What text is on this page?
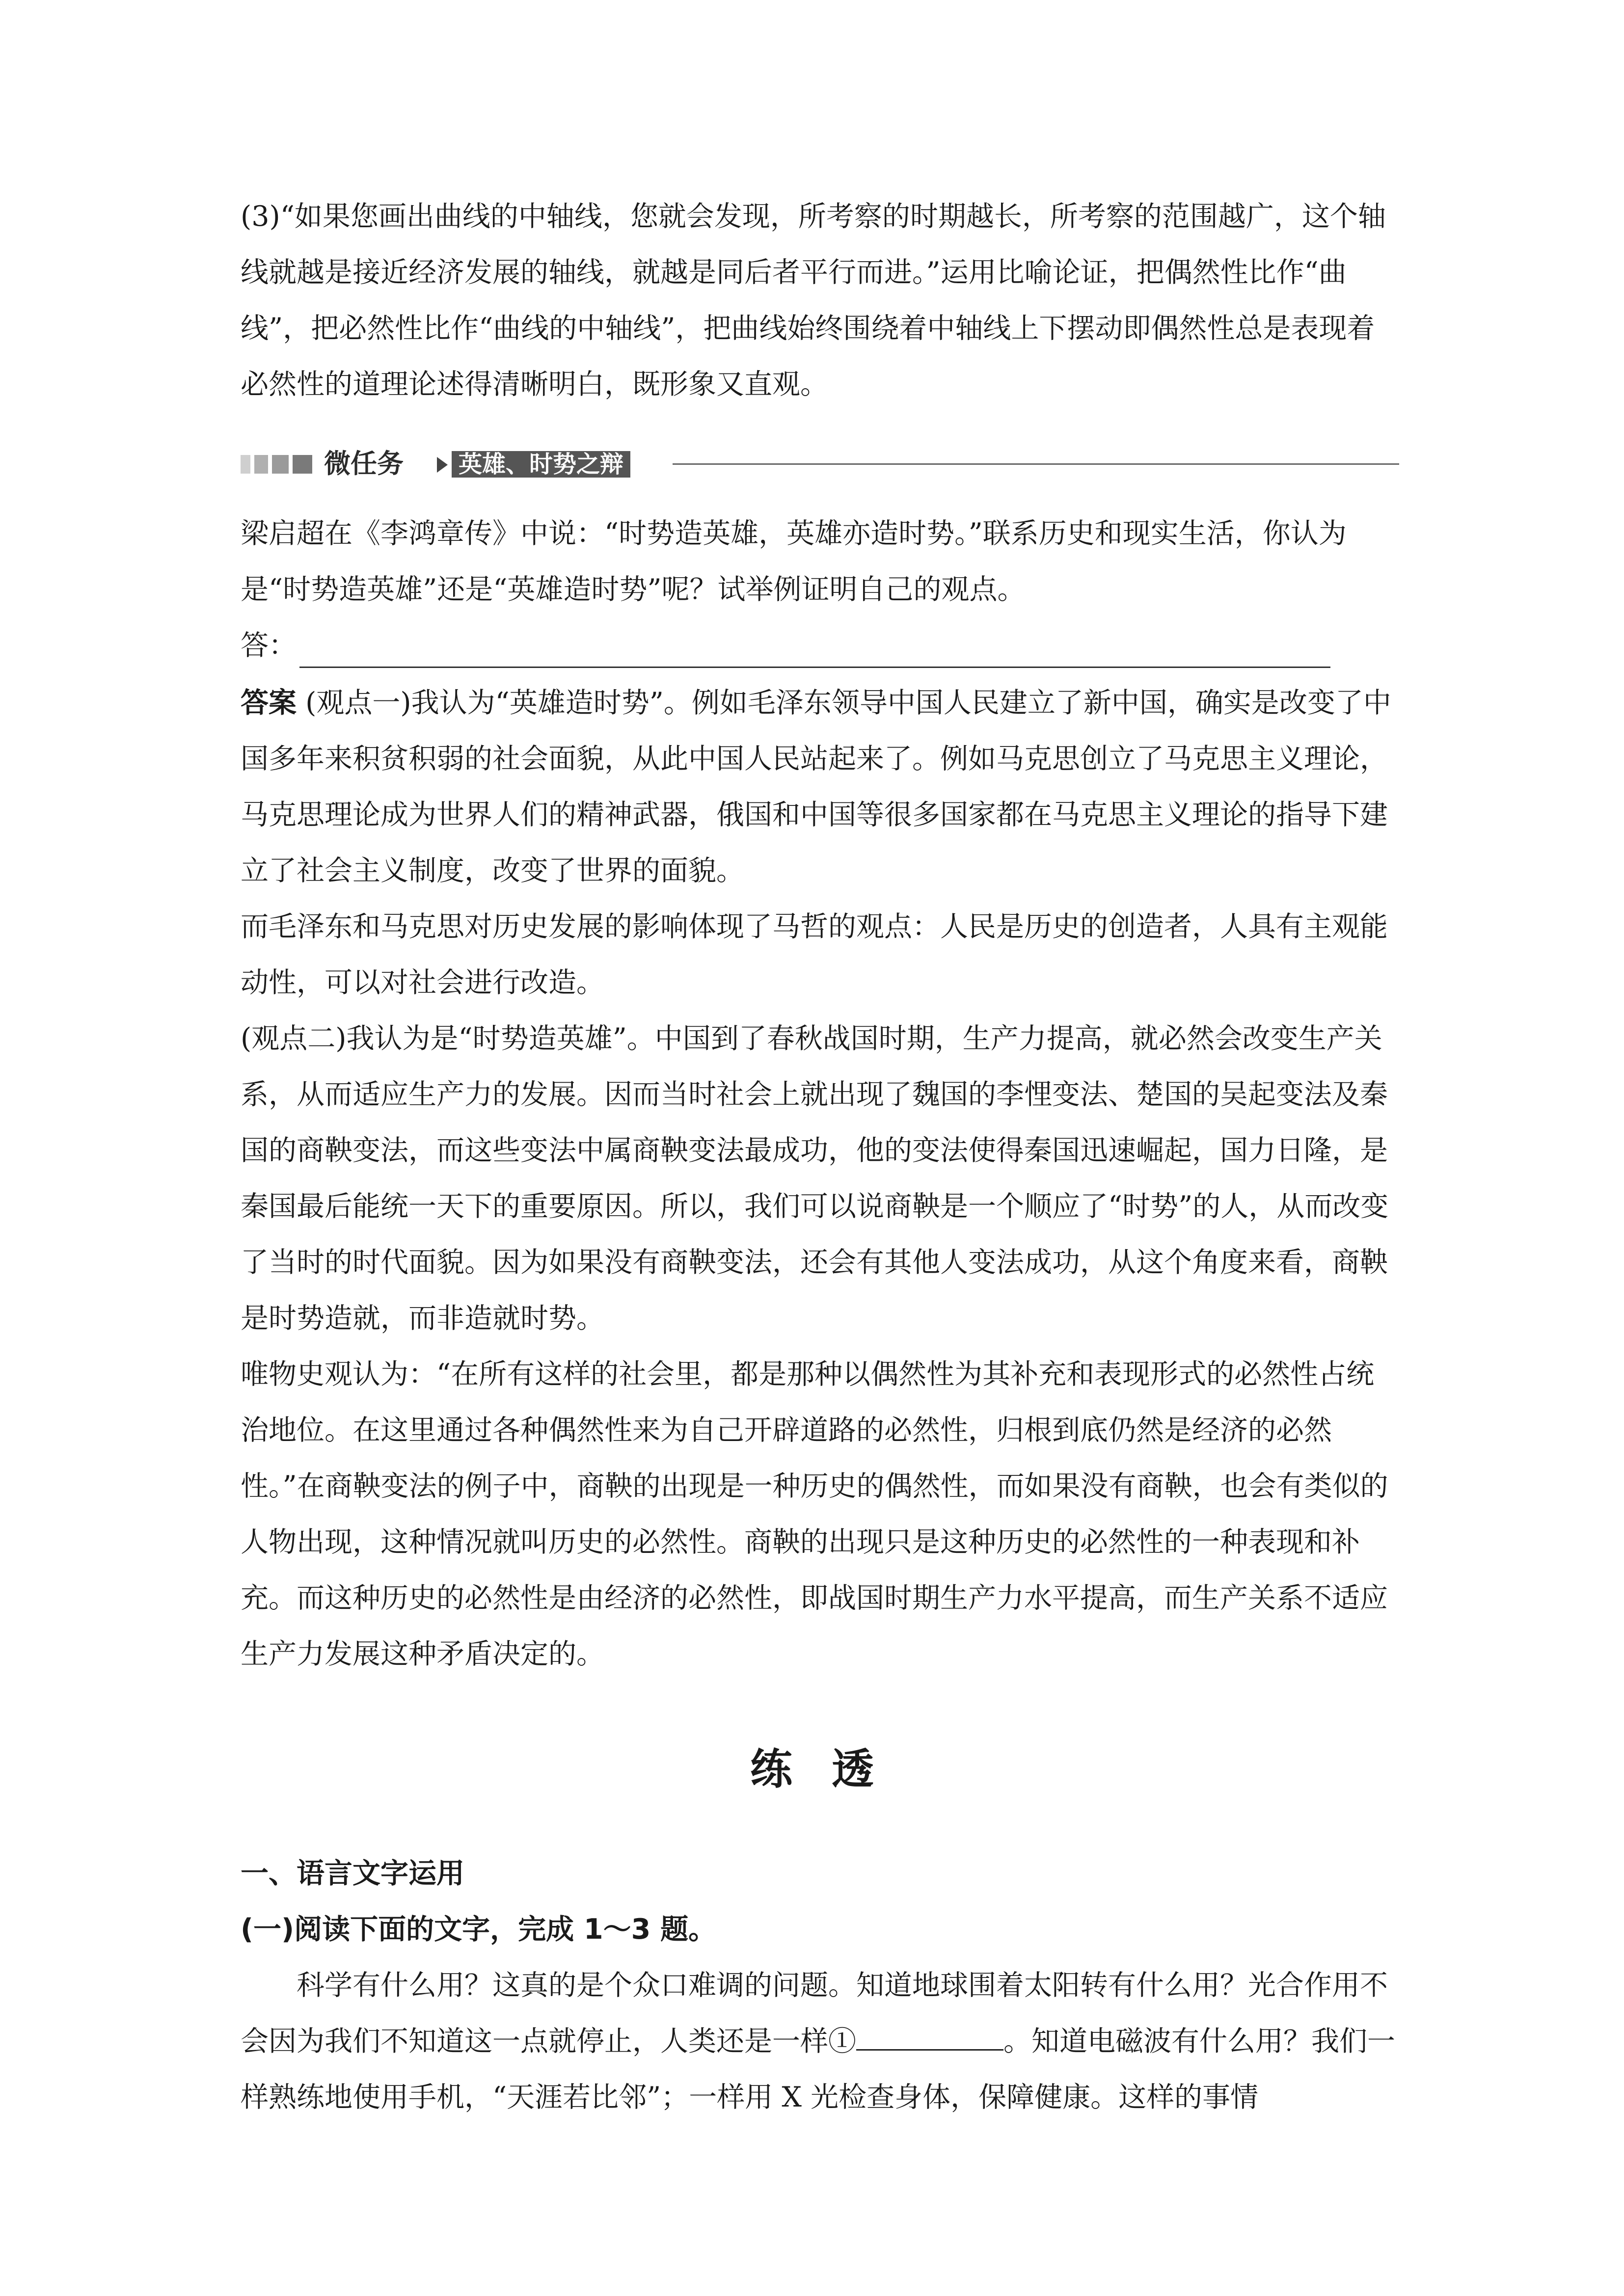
(3)“如果您画出曲线的中轴线，您就会发现，所考察的时期越长，所考察的范围越广，这个轴线就越是接近经济发展的轴线，就越是同后者平行而进。”运用比喻论证，把偶然性比作“曲线”，把必然性比作“曲线的中轴线”，把曲线始终围绕着中轴线上下摆动即偶然性总是表现着必然性的道理论述得清晰明白，既形象又直观。

微任务 英雄、时势之辩

梁启超在《李鸿章传》中说：“时势造英雄，英雄亦造时势。”联系历史和现实生活，你认为是“时势造英雄”还是“英雄造时势”呢？试举例证明自己的观点。

答：

答案 (观点一)我认为“英雄造时势”。例如毛泽东领导中国人民建立了新中国，确实是改变了中国多年来积贫积弱的社会面貌，从此中国人民站起来了。例如马克思创立了马克思主义理论，马克思理论成为世界人们的精神武器，俄国和中国等很多国家都在马克思主义理论的指导下建立了社会主义制度，改变了世界的面貌。

而毛泽东和马克思对历史发展的影响体现了马哲的观点：人民是历史的创造者，人具有主观能动性，可以对社会进行改造。

(观点二)我认为是“时势造英雄”。中国到了春秋战国时期，生产力提高，就必然会改变生产关系，从而适应生产力的发展。因而当时社会上就出现了魏国的李悝变法、楚国的吴起变法及秦国的商鞅变法，而这些变法中属商鞅变法最成功，他的变法使得秦国迅速崛起，国力日隆，是秦国最后能统一天下的重要原因。所以，我们可以说商鞅是一个顺应了“时势”的人，从而改变了当时的时代面貌。因为如果没有商鞅变法，还会有其他人变法成功，从这个角度来看，商鞅是时势造就，而非造就时势。

唯物史观认为：“在所有这样的社会里，都是那种以偶然性为其补充和表现形式的必然性占统治地位。在这里通过各种偶然性来为自己开辟道路的必然性，归根到底仍然是经济的必然性。”在商鞅变法的例子中，商鞅的出现是一种历史的偶然性，而如果没有商鞅，也会有类似的人物出现，这种情况就叫历史的必然性。商鞅的出现只是这种历史的必然性的一种表现和补充。而这种历史的必然性是由经济的必然性，即战国时期生产力水平提高，而生产关系不适应生产力发展这种矛盾决定的。

练透

一、语言文字运用

(一)阅读下面的文字，完成 1～3 题。

科学有什么用？这真的是个众口难调的问题。知道地球围着太阳转有什么用？光合作用不会因为我们不知道这一点就停止，人类还是一样①	。知道电磁波有什么用？我们一样熟练地使用手机，“天涯若比邻”；一样用 X 光检查身体，保障健康。这样的事情
